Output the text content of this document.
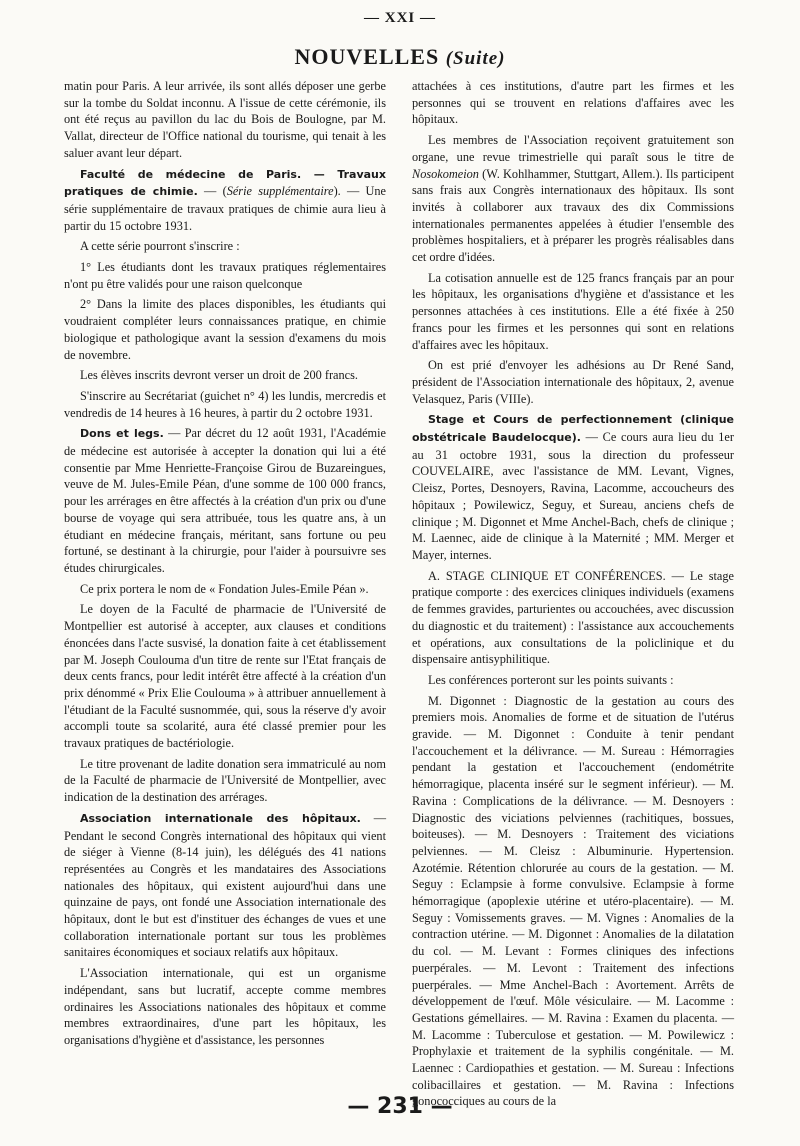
— XXI —
NOUVELLES (Suite)

matin pour Paris. A leur arrivée, ils sont allés déposer une gerbe sur la tombe du Soldat inconnu. A l'issue de cette cérémonie, ils ont été reçus au pavillon du lac du Bois de Boulogne, par M. Vallat, directeur de l'Office national du tourisme, qui tenait à les saluer avant leur départ.

Faculté de médecine de Paris. — Travaux pratiques de chimie. — (Série supplémentaire). — Une série supplémentaire de travaux pratiques de chimie aura lieu à partir du 15 octobre 1931.

A cette série pourront s'inscrire :

1° Les étudiants dont les travaux pratiques réglementaires n'ont pu être validés pour une raison quelconque

2° Dans la limite des places disponibles, les étudiants qui voudraient compléter leurs connaissances pratique, en chimie biologique et pathologique avant la session d'examens du mois de novembre.

Les élèves inscrits devront verser un droit de 200 francs.

S'inscrire au Secrétariat (guichet n° 4) les lundis, mercredis et vendredis de 14 heures à 16 heures, à partir du 2 octobre 1931.

Dons et legs. — Par décret du 12 août 1931, l'Académie de médecine est autorisée à accepter la donation qui lui a été consentie par Mme Henriette-Françoise Girou de Buzareingues, veuve de M. Jules-Emile Péan, d'une somme de 100 000 francs, pour les arrérages en être affectés à la création d'un prix ou d'une bourse de voyage qui sera attribuée, tous les quatre ans, à un étudiant en médecine français, méritant, sans fortune ou peu fortuné, se destinant à la chirurgie, pour l'aider à poursuivre ses études chirurgicales.

Ce prix portera le nom de « Fondation Jules-Emile Péan ».

Le doyen de la Faculté de pharmacie de l'Université de Montpellier est autorisé à accepter, aux clauses et conditions énoncées dans l'acte susvisé, la donation faite à cet établissement par M. Joseph Coulouma d'un titre de rente sur l'Etat français de deux cents francs, pour ledit intérêt être affecté à la création d'un prix dénommé « Prix Elie Coulouma » à attribuer annuellement à l'étudiant de la Faculté susnommée, qui, sous la réserve d'y avoir accompli toute sa scolarité, aura été classé premier pour les travaux pratiques de bactériologie.

Le titre provenant de ladite donation sera immatriculé au nom de la Faculté de pharmacie de l'Université de Montpellier, avec indication de la destination des arrérages.

Association internationale des hôpitaux. — Pendant le second Congrès international des hôpitaux qui vient de siéger à Vienne (8-14 juin), les délégués des 41 nations représentées au Congrès et les mandataires des Associations nationales des hôpitaux, qui existent aujourd'hui dans une quinzaine de pays, ont fondé une Association internationale des hôpitaux, dont le but est d'instituer des échanges de vues et une collaboration internationale portant sur tous les problèmes sanitaires économiques et sociaux relatifs aux hôpitaux.

L'Association internationale, qui est un organisme indépendant, sans but lucratif, accepte comme membres ordinaires les Associations nationales des hôpitaux et comme membres extraordinaires, d'une part les hôpitaux, les organisations d'hygiène et d'assistance, les personnes

attachées à ces institutions, d'autre part les firmes et les personnes qui se trouvent en relations d'affaires avec les hôpitaux.

Les membres de l'Association reçoivent gratuitement son organe, une revue trimestrielle qui paraît sous le titre de Nosokomeion (W. Kohlhammer, Stuttgart, Allem.). Ils participent sans frais aux Congrès internationaux des hôpitaux. Ils sont invités à collaborer aux travaux des dix Commissions internationales permanentes appelées à étudier l'ensemble des problèmes hospitaliers, et à préparer les progrès réalisables dans cet ordre d'idées.

La cotisation annuelle est de 125 francs français par an pour les hôpitaux, les organisations d'hygiène et d'assistance et les personnes attachées à ces institutions. Elle a été fixée à 250 francs pour les firmes et les personnes qui sont en relations d'affaires avec les hôpitaux.

On est prié d'envoyer les adhésions au Dr René Sand, président de l'Association internationale des hôpitaux, 2, avenue Velasquez, Paris (VIIIe).

Stage et Cours de perfectionnement (clinique obstétricale Baudelocque). — Ce cours aura lieu du 1er au 31 octobre 1931, sous la direction du professeur COUVELAIRE, avec l'assistance de MM. Levant, Vignes, Cleisz, Portes, Desnoyers, Ravina, Lacomme, accoucheurs des hôpitaux ; Powilewicz, Seguy, et Sureau, anciens chefs de clinique ; M. Digonnet et Mme Anchel-Bach, chefs de clinique ; M. Laennec, aide de clinique à la Maternité ; MM. Merger et Mayer, internes.

A. STAGE CLINIQUE ET CONFÉRENCES. — Le stage pratique comporte : des exercices cliniques individuels (examens de femmes gravides, parturientes ou accouchées, avec discussion du diagnostic et du traitement) : l'assistance aux accouchements et opérations, aux consultations de la policlinique et du dispensaire antisyphilitique.

Les conférences porteront sur les points suivants :

M. Digonnet : Diagnostic de la gestation au cours des premiers mois. Anomalies de forme et de situation de l'utérus gravide. — M. Digonnet : Conduite à tenir pendant l'accouchement et la délivrance. — M. Sureau : Hémorragies pendant la gestation et l'accouchement (endométrite hémorragique, placenta inséré sur le segment inférieur). — M. Ravina : Complications de la délivrance. — M. Desnoyers : Diagnostic des viciations pelviennes (rachitiques, bossues, boiteuses). — M. Desnoyers : Traitement des viciations pelviennes. — M. Cleisz : Albuminurie. Hypertension. Azotémie. Rétention chlorurée au cours de la gestation. — M. Seguy : Eclampsie à forme convulsive. Eclampsie à forme hémorragique (apoplexie utérine et utéro-placentaire). — M. Seguy : Vomissements graves. — M. Vignes : Anomalies de la contraction utérine. — M. Digonnet : Anomalies de la dilatation du col. — M. Levant : Formes cliniques des infections puerpérales. — M. Levont : Traitement des infections puerpérales. — Mme Anchel-Bach : Avortement. Arrêts de développement de l'œuf. Môle vésiculaire. — M. Lacomme : Gestations gémellaires. — M. Ravina : Examen du placenta. — M. Lacomme : Tuberculose et gestation. — M. Powilewicz : Prophylaxie et traitement de la syphilis congénitale. — M. Laennec : Cardiopathies et gestation. — M. Sureau : Infections colibacillaires et gestation. — M. Ravina : Infections gonococciques au cours de la

— 231 —
